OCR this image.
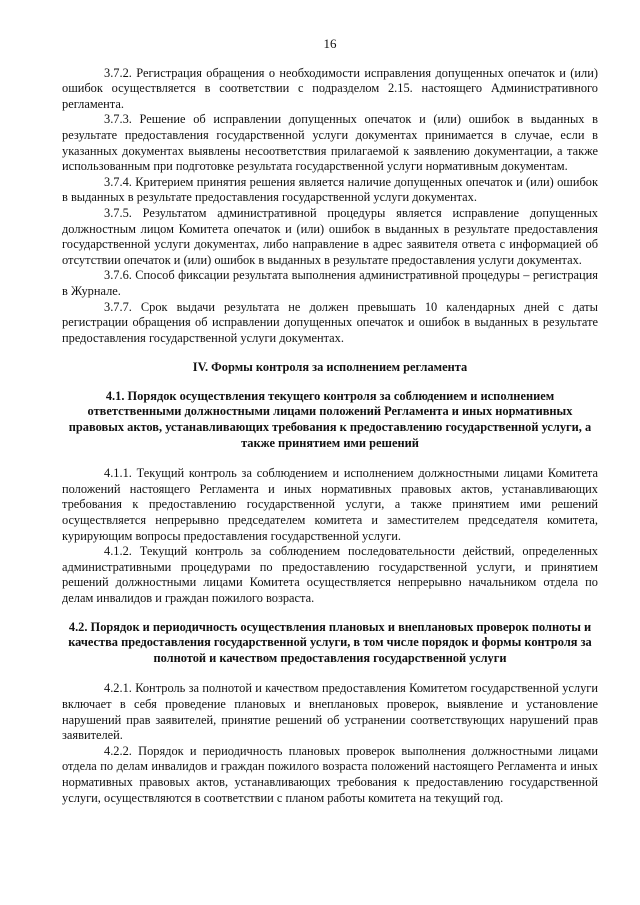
16

3.7.2. Регистрация обращения о необходимости исправления допущенных опечаток и (или) ошибок осуществляется в соответствии с подразделом 2.15. настоящего Административного регламента.

3.7.3. Решение об исправлении допущенных опечаток и (или) ошибок в выданных в результате предоставления государственной услуги документах принимается в случае, если в указанных документах выявлены несоответствия прилагаемой к заявлению документации, а также использованным при подготовке результата государственной услуги нормативным документам.

3.7.4. Критерием принятия решения является наличие допущенных опечаток и (или) ошибок в выданных в результате предоставления государственной услуги документах.

3.7.5. Результатом административной процедуры является исправление допущенных должностным лицом Комитета опечаток и (или) ошибок в выданных в результате предоставления государственной услуги документах, либо направление в адрес заявителя ответа с информацией об отсутствии опечаток и (или) ошибок в выданных в результате предоставления услуги документах.

3.7.6. Способ фиксации результата выполнения административной процедуры – регистрация в Журнале.

3.7.7. Срок выдачи результата не должен превышать 10 календарных дней с даты регистрации обращения об исправлении допущенных опечаток и ошибок в выданных в результате предоставления государственной услуги документах.

IV. Формы контроля за исполнением регламента
4.1. Порядок осуществления текущего контроля за соблюдением и исполнением ответственными должностными лицами положений Регламента и иных нормативных правовых актов, устанавливающих требования к предоставлению государственной услуги, а также принятием ими решений

4.1.1. Текущий контроль за соблюдением и исполнением должностными лицами Комитета положений настоящего Регламента и иных нормативных правовых актов, устанавливающих требования к предоставлению государственной услуги, а также принятием ими решений осуществляется непрерывно председателем комитета и заместителем председателя комитета, курирующим вопросы предоставления государственной услуги.

4.1.2. Текущий контроль за соблюдением последовательности действий, определенных административными процедурами по предоставлению государственной услуги, и принятием решений должностными лицами Комитета осуществляется непрерывно начальником отдела по делам инвалидов и граждан пожилого возраста.

4.2. Порядок и периодичность осуществления плановых и внеплановых проверок полноты и качества предоставления государственной услуги, в том числе порядок и формы контроля за полнотой и качеством предоставления государственной услуги

4.2.1. Контроль за полнотой и качеством предоставления Комитетом государственной услуги включает в себя проведение плановых и внеплановых проверок, выявление и установление нарушений прав заявителей, принятие решений об устранении соответствующих нарушений прав заявителей.

4.2.2. Порядок и периодичность плановых проверок выполнения должностными лицами отдела по делам инвалидов и граждан пожилого возраста положений настоящего Регламента и иных нормативных правовых актов, устанавливающих требования к предоставлению государственной услуги, осуществляются в соответствии с планом работы комитета на текущий год.
